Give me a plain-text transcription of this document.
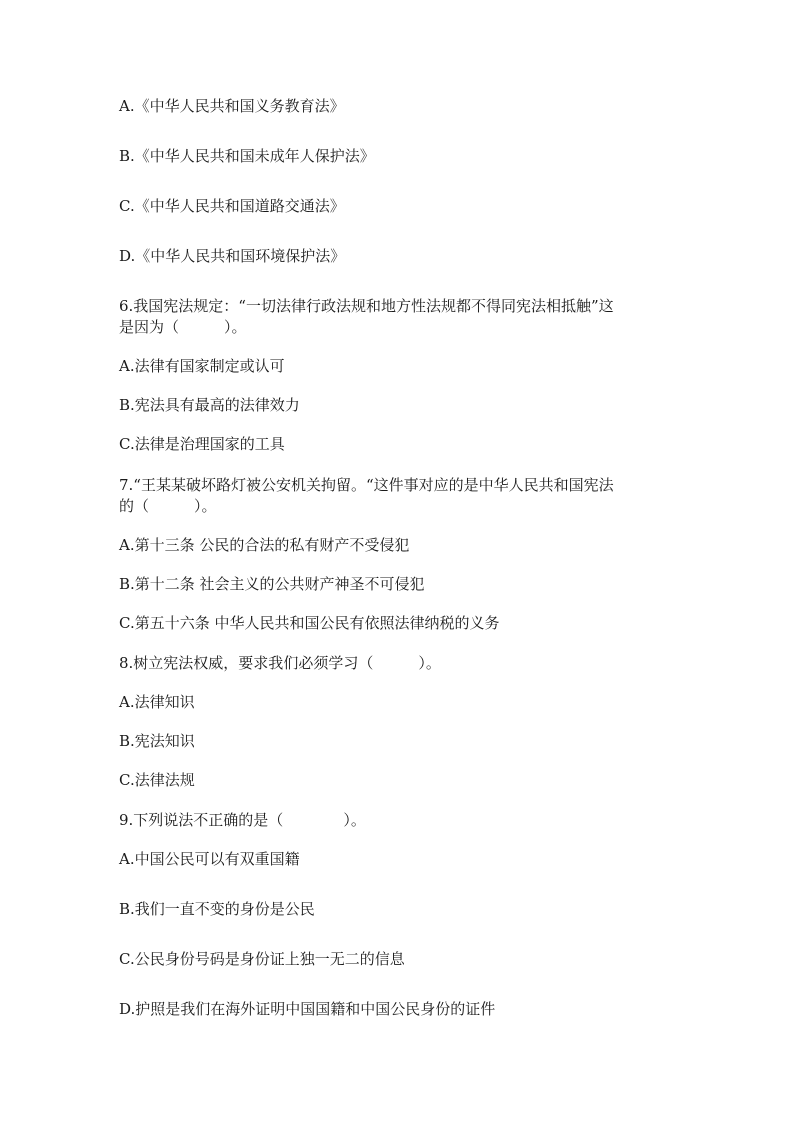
A.《中华人民共和国义务教育法》

B.《中华人民共和国未成年人保护法》

C.《中华人民共和国道路交通法》

D.《中华人民共和国环境保护法》

6.我国宪法规定：“一切法律行政法规和地方性法规都不得同宪法相抵触”这

是因为（　　　）。

A.法律有国家制定或认可

B.宪法具有最高的法律效力

C.法律是治理国家的工具

7.“王某某破坏路灯被公安机关拘留。“这件事对应的是中华人民共和国宪法

的（　　　）。

A.第十三条 公民的合法的私有财产不受侵犯

B.第十二条 社会主义的公共财产神圣不可侵犯

C.第五十六条 中华人民共和国公民有依照法律纳税的义务

8.树立宪法权威，要求我们必须学习（　　　）。

A.法律知识

B.宪法知识

C.法律法规

9.下列说法不正确的是（　　　　）。

A.中国公民可以有双重国籍

B.我们一直不变的身份是公民

C.公民身份号码是身份证上独一无二的信息

D.护照是我们在海外证明中国国籍和中国公民身份的证件
